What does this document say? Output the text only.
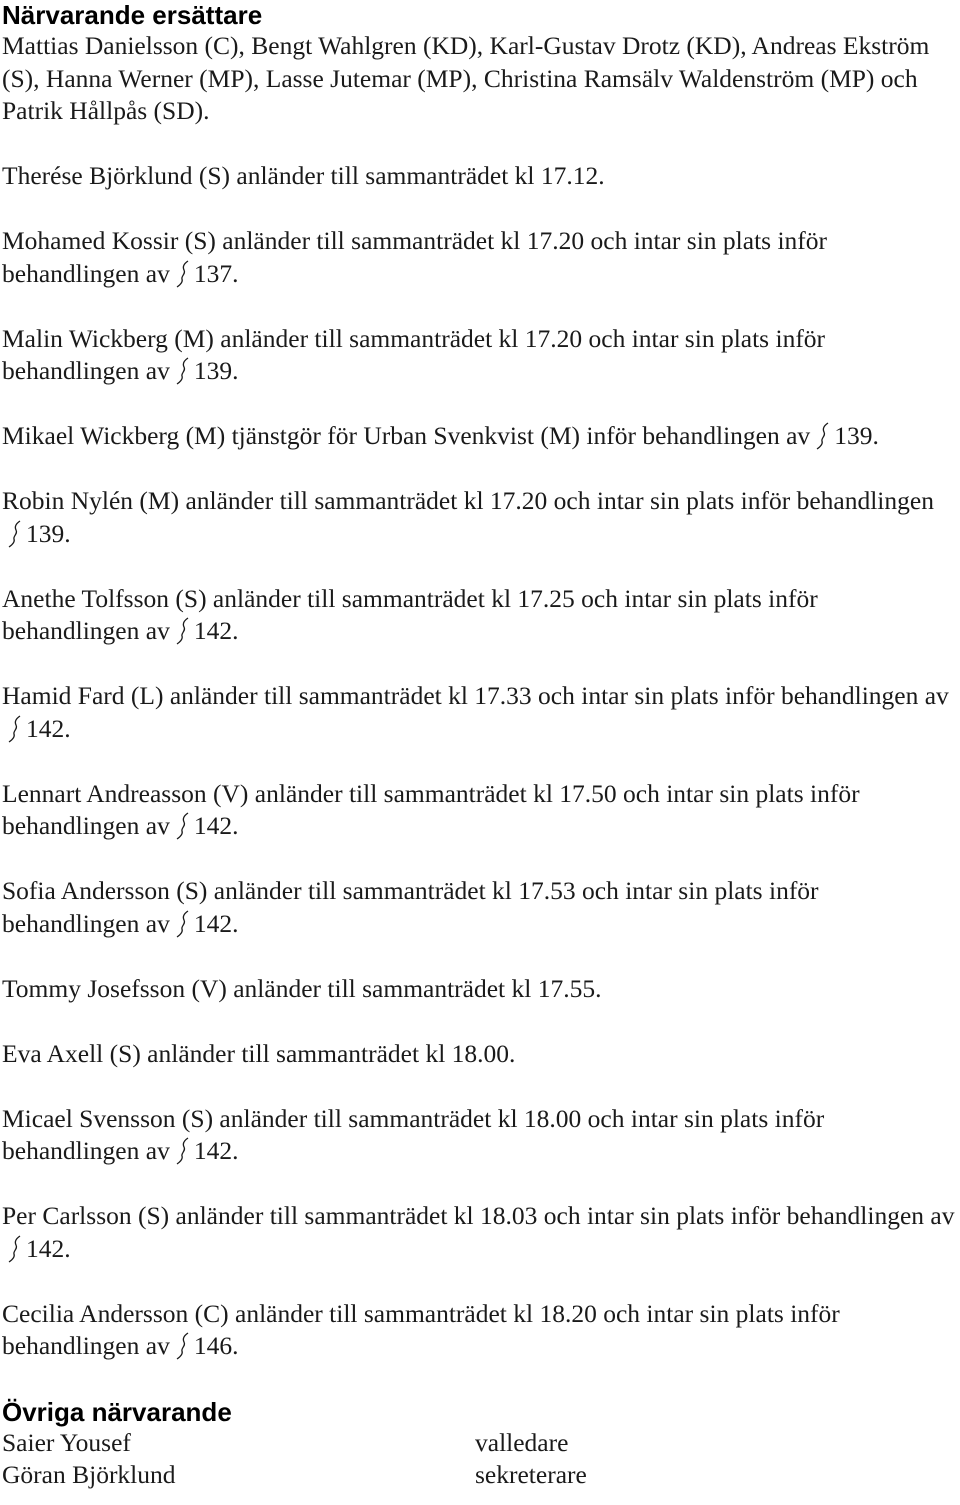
Närvarande ersättare

Mattias Danielsson (C), Bengt Wahlgren (KD), Karl-Gustav Drotz (KD), Andreas Ekström (S), Hanna Werner (MP), Lasse Jutemar (MP), Christina Ramsälv Waldenström (MP) och Patrik Hållpås (SD).

Therése Björklund (S) anländer till sammanträdet kl 17.12.

Mohamed Kossir (S) anländer till sammanträdet kl 17.20 och intar sin plats inför behandlingen av 137.

Malin Wickberg (M) anländer till sammanträdet kl 17.20 och intar sin plats inför behandlingen av 139.

Mikael Wickberg (M) tjänstgör för Urban Svenkvist (M) inför behandlingen av 139.

Robin Nylén (M) anländer till sammanträdet kl 17.20 och intar sin plats inför behandlingen
139.

Anethe Tolfsson (S) anländer till sammanträdet kl 17.25 och intar sin plats inför behandlingen av 142.

Hamid Fard (L) anländer till sammanträdet kl 17.33 och intar sin plats inför behandlingen av
142.

Lennart Andreasson (V) anländer till sammanträdet kl 17.50 och intar sin plats inför behandlingen av 142.

Sofia Andersson (S) anländer till sammanträdet kl 17.53 och intar sin plats inför behandlingen av 142.

Tommy Josefsson (V) anländer till sammanträdet kl 17.55.

Eva Axell (S) anländer till sammanträdet kl 18.00.

Micael Svensson (S) anländer till sammanträdet kl 18.00 och intar sin plats inför behandlingen av 142.

Per Carlsson (S) anländer till sammanträdet kl 18.03 och intar sin plats inför behandlingen av
142.

Cecilia Andersson (C) anländer till sammanträdet kl 18.20 och intar sin plats inför behandlingen av 146.

Övriga närvarande
Saier Yousef	valledare
Göran Björklund	sekreterare
